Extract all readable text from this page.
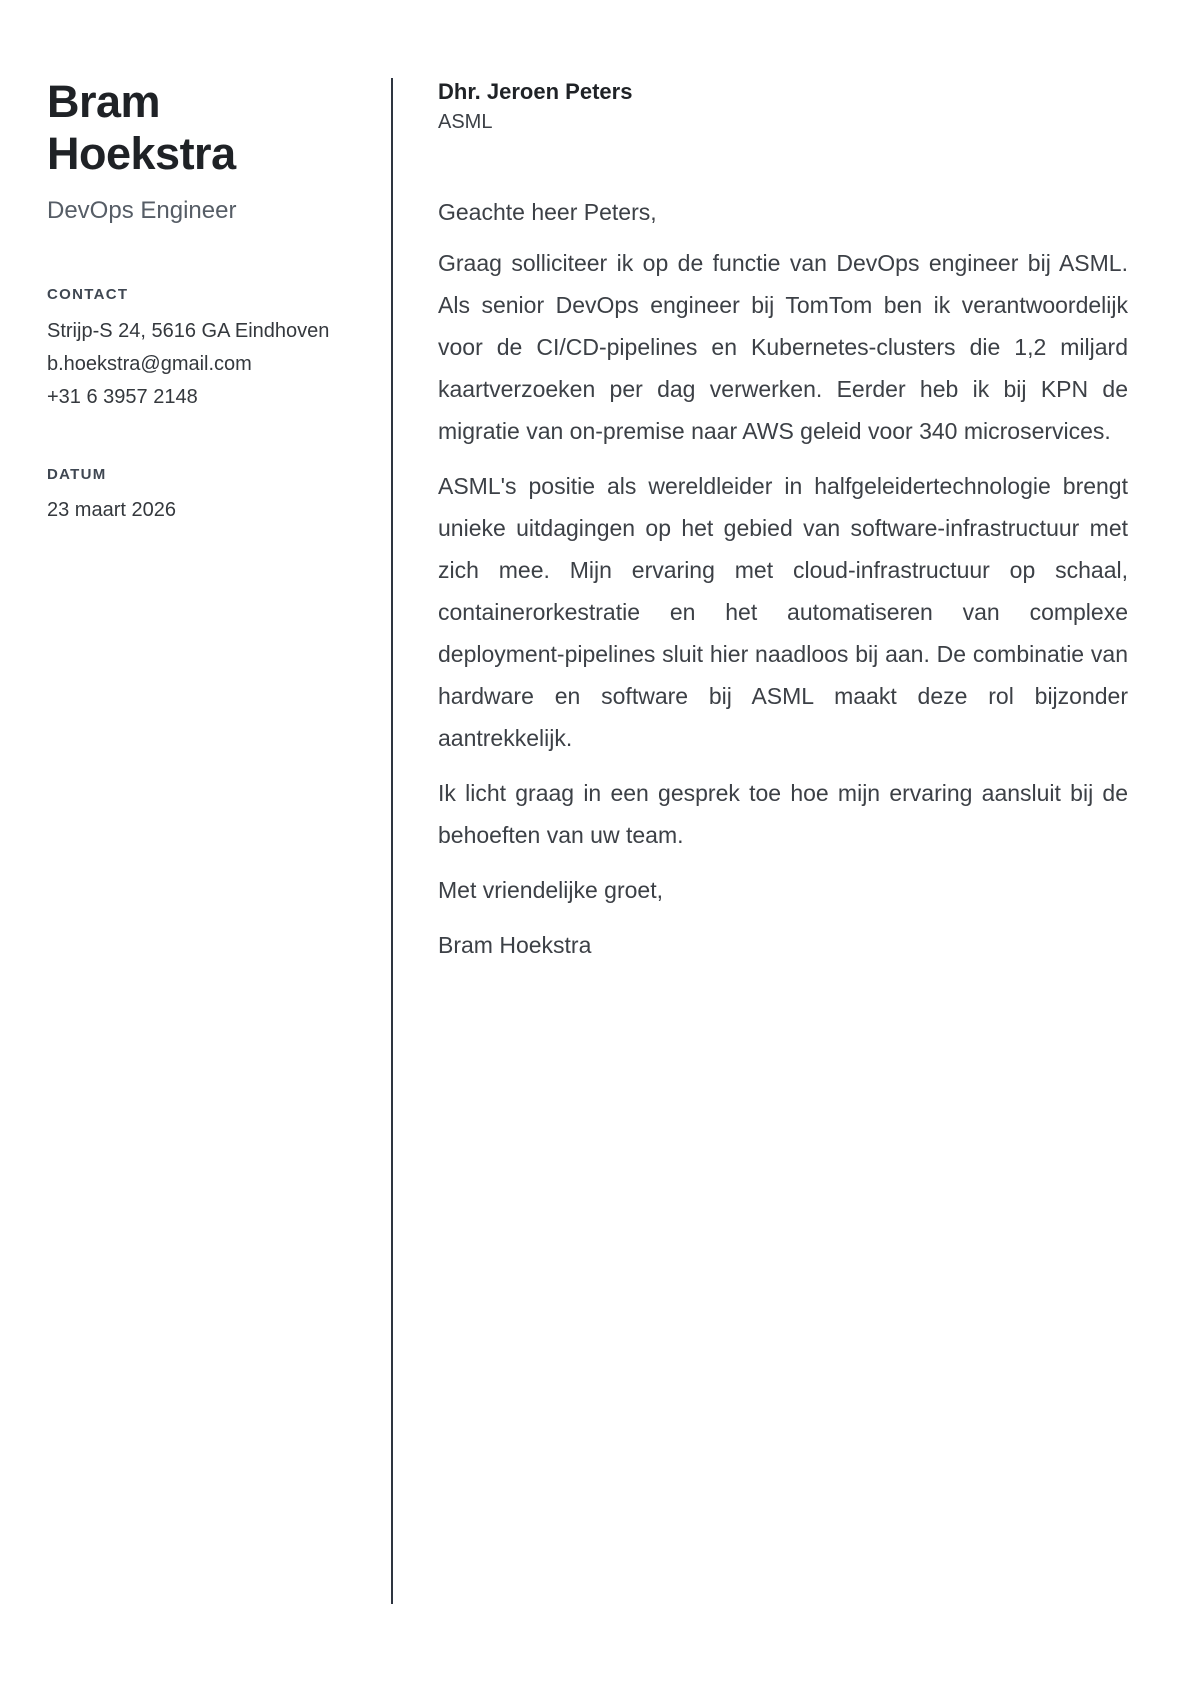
Bram Hoekstra
DevOps Engineer
CONTACT
Strijp-S 24, 5616 GA Eindhoven
b.hoekstra@gmail.com
+31 6 3957 2148
DATUM
23 maart 2026
Dhr. Jeroen Peters
ASML
Geachte heer Peters,

Graag solliciteer ik op de functie van DevOps engineer bij ASML. Als senior DevOps engineer bij TomTom ben ik verantwoordelijk voor de CI/CD-pipelines en Kubernetes-clusters die 1,2 miljard kaartverzoeken per dag verwerken. Eerder heb ik bij KPN de migratie van on-premise naar AWS geleid voor 340 microservices.

ASML's positie als wereldleider in halfgeleidertechnologie brengt unieke uitdagingen op het gebied van software-infrastructuur met zich mee. Mijn ervaring met cloud-infrastructuur op schaal, containerorkestratie en het automatiseren van complexe deployment-pipelines sluit hier naadloos bij aan. De combinatie van hardware en software bij ASML maakt deze rol bijzonder aantrekkelijk.

Ik licht graag in een gesprek toe hoe mijn ervaring aansluit bij de behoeften van uw team.

Met vriendelijke groet,

Bram Hoekstra
